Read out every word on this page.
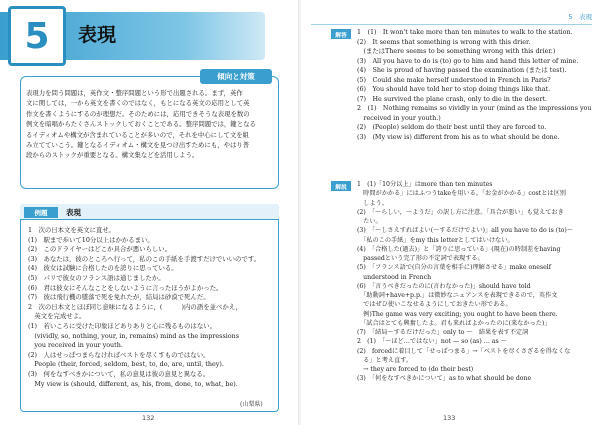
5	表現
傾向と対策

表現力を問う問題は，英作文・整序問題という形で出題される。まず，英作

文に関しては，一から英文を書くのではなく，もとになる英文の応用として英

作文を書くようにするのが理想だ。そのためには，応用できそうな表現を数の

例文を暗唱からたくさんストックしておくことである。整序問題では，鍵となる

るイディオムや構文が含まれていることが多いので，それを中心にして文を組

み立てていこう。鍵となるイディオム・構文を見つけ出すためにも，やはり普

段からのストックが重要となる。構文集などを活用しよう。

例題	表現

1　次の日本文を英文に直せ。

(1)　駅まで歩いて10分以上はかかるまい。

(2)　このドライヤーはどこか具合が悪いらしい。

(3)　あなたは，彼のところへ行って，私のこの手紙を手渡すだけでいいのです。

(4)　彼女は試験に合格したのを誇りに思っている。

(5)　パリで彼女のフランス語は通じましたか。

(6)　君は彼女にそんなことをしないように言ったほうがよかった。

(7)　彼は飛行機の墜落で死を免れたが，結局は砂漠で死んだ。

2　次の日本文とほぼ同じ意味になるように，(　　　)内の語を並べかえ，

　英文を完成せよ。

(1)　若いころに受けた印象ほどありありと心に残るものはない。

　(vividly, so, nothing, your, in, remains) mind as the impressions

　you received in your youth.

(2)　人はせっぱつまらなければベストを尽くすものではない。

　People (their, forced, seldom, best, to, do, are, until, they).

(3)　何をなすべきかについて，私の意見は彼の意見と異なる。

　My view is (should, different, as, his, from, done, to, what, be).

(山梨県)
132
5　表現
解答	1　(1)　It won't take more than ten minutes to walk to the station.

(2)　It seems that something is wrong with this drier.

　(またはThere seems to be something wrong with this drier.)

(3)　All you have to do is (to) go to him and hand this letter of mine.

(4)　She is proud of having passed the examination (または test).

(5)　Could she make herself understood in French in Paris?

(6)　You should have told her to stop doing things like that.

(7)　He survived the plane crash, only to die in the desert.

2　(1)　Nothing remains so vividly in your (mind as the impressions you

　received in your youth.)

(2)　(People) seldom do their best until they are forced to.

(3)　(My view is) different from his as to what should be done.

解説	1　(1)「10分以上」はmore than ten minutes

　時間がかかる」にはふつうtakeを用いる。「お金がかかる」costとは区別

　しよう。

(2)　「〜らしい，〜ようだ」の訳し方に注意。「具合が悪い」も覚えておき

　たい。

(3)　「〜しさえすればよい(〜するだけでよい)」all you have to do is (to)〜

　「私のこの手紙」をmy this letterとしてはいけない。

(4)　「合格した(過去)」と「誇りに思っている」(現在)の時制差をhaving

　passedという完了形の不定詞で表現する。

(5)　「フランス語で(自分の言葉を相手に)理解させる」make oneself

　understood in French

(6)　「言うべきだったのに(言わなかった)」should have told

　「助動詞+have+p.p.」は微妙なニュアンスを表現できるので，英作文

　ではぜひ使いこなせるようにしておきたい形である。

　例)The game was very exciting; you ought to have been there.

　「試合はとても興奮したよ。君も来ればよかったのに(来なかった)」

(7)　「結局〜するだけだった」only to 〜　結果を表す不定詞

2　(1)　「〜ほど…ではない」not — so (as) … as 〜

(2)　forcedに着目して「せっぱつまる」→「ベストを尽くさざるを得なくな

　る」と考え直す。

　→ they are forced to (do their best)

(3)　「何をなすべきかについて」as to what should be done

133
